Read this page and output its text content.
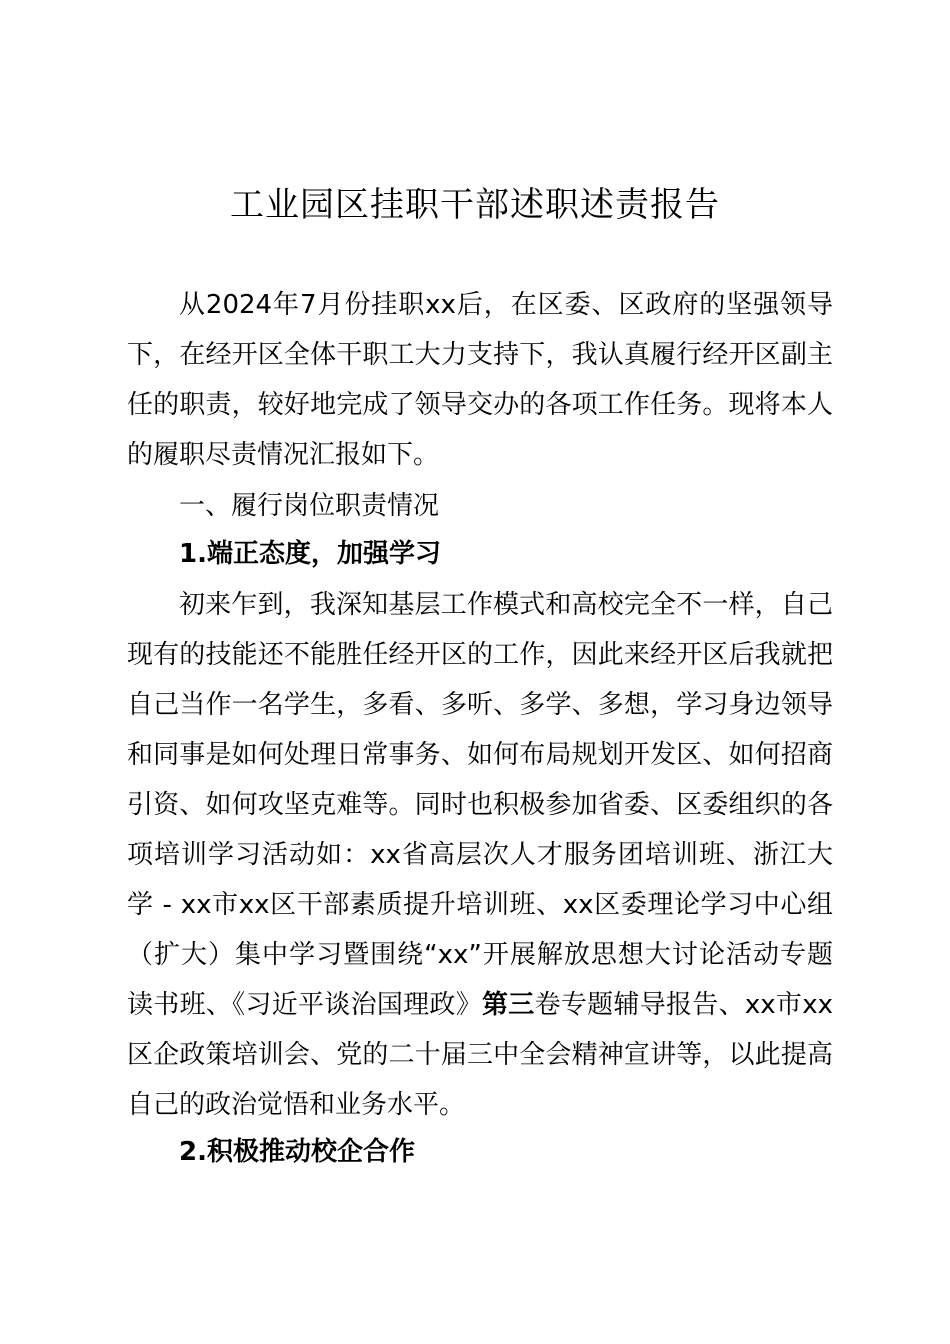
工业园区挂职干部述职述责报告
从2024年7月份挂职xx后，在区委、区政府的坚强领导下，在经开区全体干职工大力支持下，我认真履行经开区副主任的职责，较好地完成了领导交办的各项工作任务。现将本人的履职尽责情况汇报如下。
一、履行岗位职责情况
1.端正态度，加强学习
初来乍到，我深知基层工作模式和高校完全不一样，自己现有的技能还不能胜任经开区的工作，因此来经开区后我就把自己当作一名学生，多看、多听、多学、多想，学习身边领导和同事是如何处理日常事务、如何布局规划开发区、如何招商引资、如何攻坚克难等。同时也积极参加省委、区委组织的各项培训学习活动如：xx省高层次人才服务团培训班、浙江大学 - xx市xx区干部素质提升培训班、xx区委理论学习中心组（扩大）集中学习暨围绕“xx”开展解放思想大讨论活动专题读书班、《习近平谈治国理政》第三卷专题辅导报告、xx市xx区企政策培训会、党的二十届三中全会精神宣讲等，以此提高自己的政治觉悟和业务水平。
2.积极推动校企合作
